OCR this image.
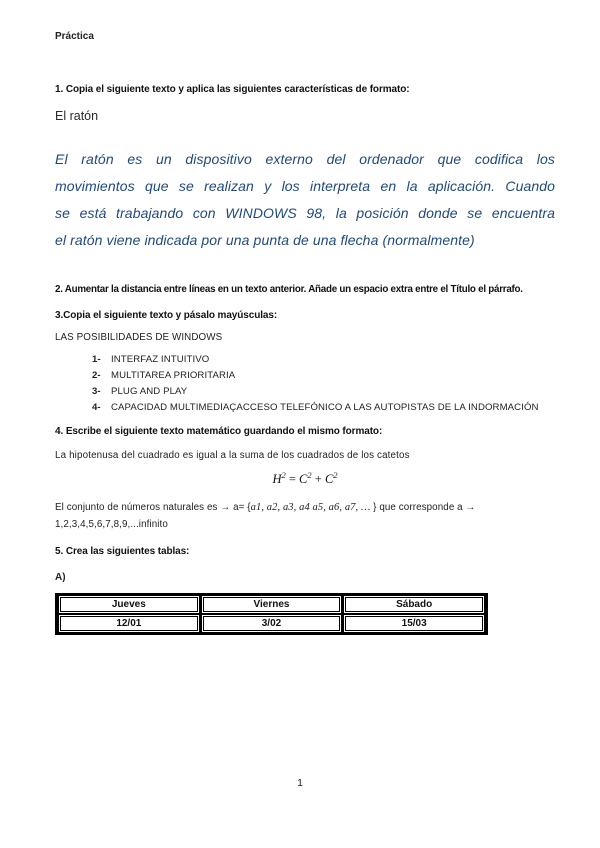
Práctica

1. Copia el siguiente texto y aplica las siguientes características de formato:

El ratón

El ratón es un dispositivo externo del ordenador que codifica los
movimientos que se realizan y los interpreta en la aplicación. Cuando
se está trabajando con WINDOWS 98, la posición donde se encuentra
el ratón viene indicada por una punta de una flecha (normalmente)

2. Aumentar la distancia entre líneas en un texto anterior. Añade un espacio extra entre el Título el párrafo.

3.Copia el siguiente texto y pásalo mayúsculas:

LAS POSIBILIDADES DE WINDOWS

1- INTERFAZ INTUITIVO
2- MULTITAREA PRIORITARIA
3- PLUG AND PLAY
4- CAPACIDAD MULTIMEDIAÇACCESO TELEFÓNICO A LAS AUTOPISTAS DE LA INDORMACIÓN

4. Escribe el siguiente texto matemático guardando el mismo formato:

La hipotenusa del cuadrado es igual a la suma de los cuadrados de los catetos

$H^2 = C^2 + C^2$
El conjunto de números naturales es → a= {a1, a2, a3, a4 a5, a6, a7, … } que corresponde a →
1,2,3,4,5,6,7,8,9,...infinito

5. Crea las siguientes tablas:

A)

Jueves	Viernes	Sábado

12/01	3/02	15/03
1
